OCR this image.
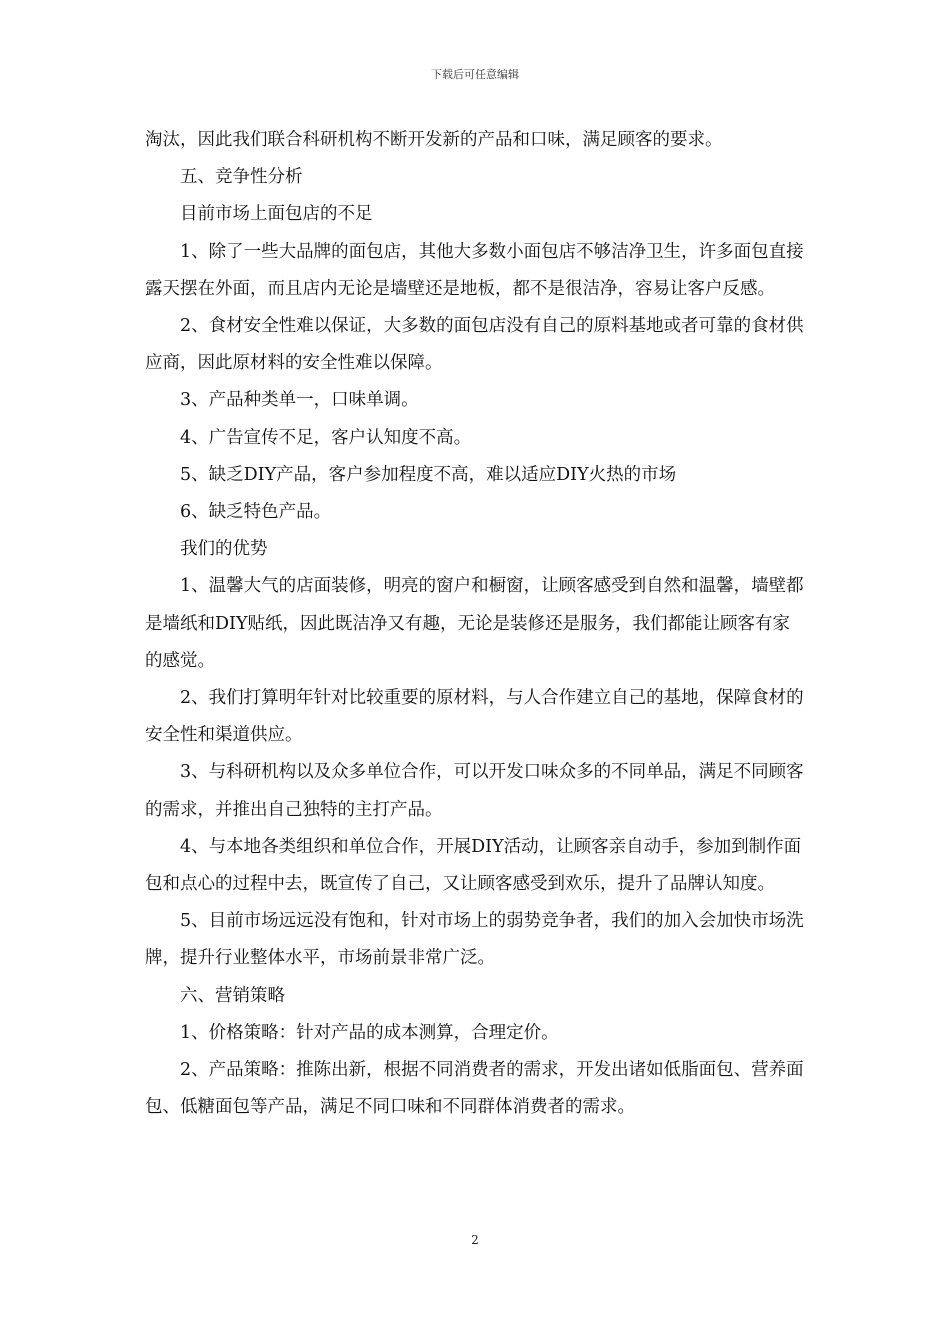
下载后可任意编辑

淘汰，因此我们联合科研机构不断开发新的产品和口味，满足顾客的要求。

五、竞争性分析

目前市场上面包店的不足

1、除了一些大品牌的面包店，其他大多数小面包店不够洁净卫生，许多面包直接露天摆在外面，而且店内无论是墙壁还是地板，都不是很洁净，容易让客户反感。

2、食材安全性难以保证，大多数的面包店没有自己的原料基地或者可靠的食材供应商，因此原材料的安全性难以保障。

3、产品种类单一，口味单调。

4、广告宣传不足，客户认知度不高。

5、缺乏DIY产品，客户参加程度不高，难以适应DIY火热的市场

6、缺乏特色产品。

我们的优势

1、温馨大气的店面装修，明亮的窗户和橱窗，让顾客感受到自然和温馨，墙壁都是墙纸和DIY贴纸，因此既洁净又有趣，无论是装修还是服务，我们都能让顾客有家的感觉。

2、我们打算明年针对比较重要的原材料，与人合作建立自己的基地，保障食材的安全性和渠道供应。

3、与科研机构以及众多单位合作，可以开发口味众多的不同单品，满足不同顾客的需求，并推出自己独特的主打产品。

4、与本地各类组织和单位合作，开展DIY活动，让顾客亲自动手，参加到制作面包和点心的过程中去，既宣传了自己，又让顾客感受到欢乐，提升了品牌认知度。

5、目前市场远远没有饱和，针对市场上的弱势竞争者，我们的加入会加快市场洗牌，提升行业整体水平，市场前景非常广泛。

六、营销策略

1、价格策略：针对产品的成本测算，合理定价。

2、产品策略：推陈出新，根据不同消费者的需求，开发出诸如低脂面包、营养面包、低糖面包等产品，满足不同口味和不同群体消费者的需求。

2
